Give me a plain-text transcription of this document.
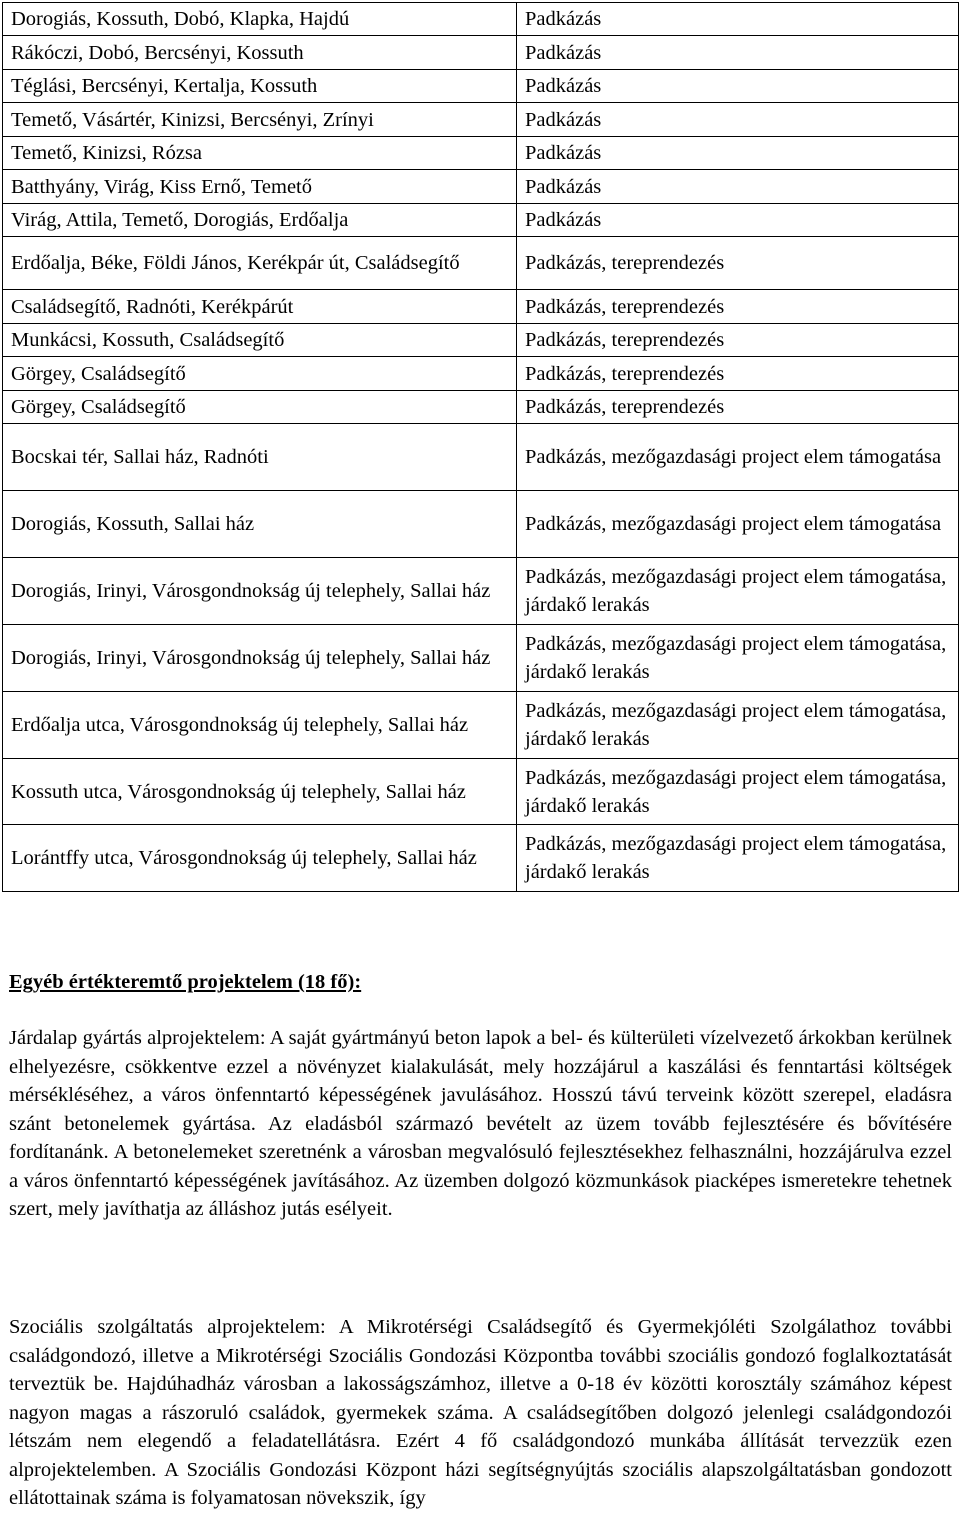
Dorogiás, Kossuth, Dobó, Klapka, Hajdú	Padkázás
Rákóczi, Dobó, Bercsényi, Kossuth	Padkázás
Téglási, Bercsényi, Kertalja, Kossuth	Padkázás
Temető, Vásártér, Kinizsi, Bercsényi, Zrínyi	Padkázás
Temető, Kinizsi, Rózsa	Padkázás
Batthyány, Virág, Kiss Ernő, Temető	Padkázás
Virág, Attila, Temető, Dorogiás, Erdőalja	Padkázás
Erdőalja, Béke, Földi János, Kerékpár út, Családsegítő	Padkázás, tereprendezés
Családsegítő, Radnóti, Kerékpárút	Padkázás, tereprendezés
Munkácsi, Kossuth, Családsegítő	Padkázás, tereprendezés
Görgey, Családsegítő	Padkázás, tereprendezés
Görgey, Családsegítő	Padkázás, tereprendezés
Bocskai tér, Sallai ház, Radnóti	Padkázás, mezőgazdasági project elem támogatása
Dorogiás, Kossuth, Sallai ház	Padkázás, mezőgazdasági project elem támogatása
Dorogiás, Irinyi, Városgondnokság új telephely, Sallai ház	Padkázás, mezőgazdasági project elem támogatása, járdakő lerakás
Dorogiás, Irinyi, Városgondnokság új telephely, Sallai ház	Padkázás, mezőgazdasági project elem támogatása, járdakő lerakás
Erdőalja utca, Városgondnokság új telephely, Sallai ház	Padkázás, mezőgazdasági project elem támogatása, járdakő lerakás
Kossuth utca, Városgondnokság új telephely, Sallai ház	Padkázás, mezőgazdasági project elem támogatása, járdakő lerakás
Lorántffy utca, Városgondnokság új telephely, Sallai ház	Padkázás, mezőgazdasági project elem támogatása, járdakő lerakás
Egyéb értékteremtő projektelem (18 fő):
Járdalap gyártás alprojektelem: A saját gyártmányú beton lapok a bel- és külterületi vízelvezető árkokban kerülnek elhelyezésre, csökkentve ezzel a növényzet kialakulását, mely hozzájárul a kaszálási és fenntartási költségek mérsékléséhez, a város önfenntartó képességének javulásához. Hosszú távú terveink között szerepel, eladásra szánt betonelemek gyártása. Az eladásból származó bevételt az üzem tovább fejlesztésére és bővítésére fordítanánk. A betonelemeket szeretnénk a városban megvalósuló fejlesztésekhez felhasználni, hozzájárulva ezzel a város önfenntartó képességének javításához. Az üzemben dolgozó közmunkások piacképes ismeretekre tehetnek szert, mely javíthatja az álláshoz jutás esélyeit.
Szociális szolgáltatás alprojektelem: A Mikrotérségi Családsegítő és Gyermekjóléti Szolgálathoz további családgondozó, illetve a Mikrotérségi Szociális Gondozási Központba további szociális gondozó foglalkoztatását terveztük be. Hajdúhadház városban a lakosságszámhoz, illetve a 0-18 év közötti korosztály számához képest nagyon magas a rászoruló családok, gyermekek száma. A családsegítőben dolgozó jelenlegi családgondozói létszám nem elegendő a feladatellátásra. Ezért 4 fő családgondozó munkába állítását tervezzük ezen alprojektelemben. A Szociális Gondozási Központ házi segítségnyújtás szociális alapszolgáltatásban gondozott ellátottainak száma is folyamatosan növekszik, így
